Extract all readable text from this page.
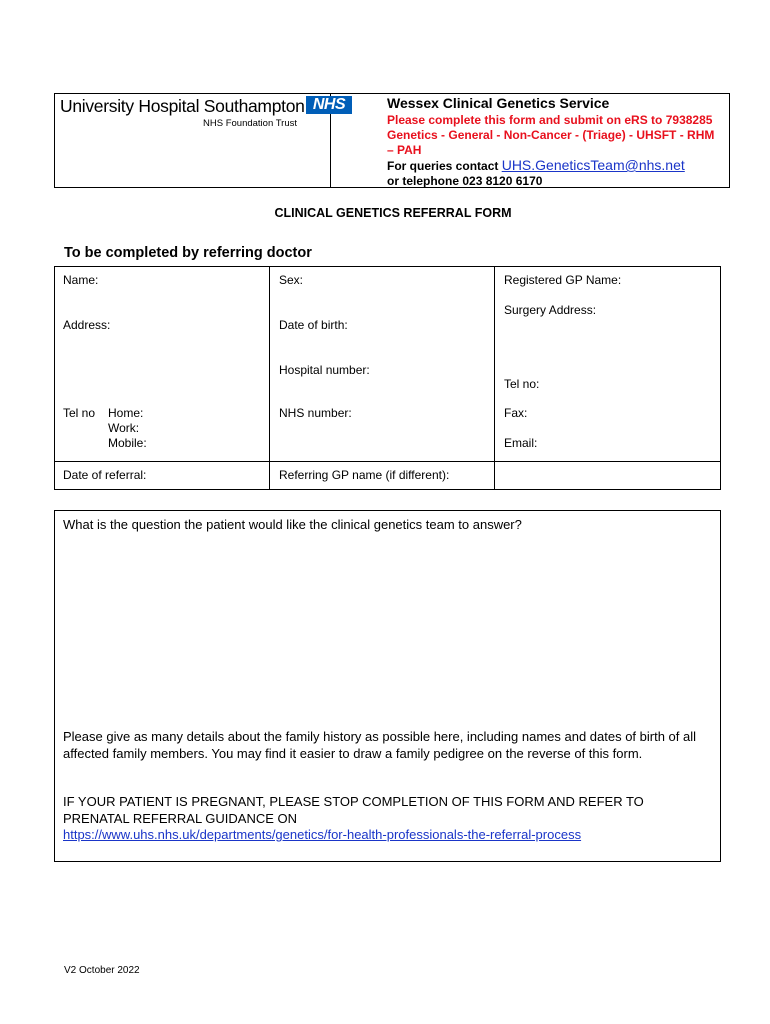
University Hospital Southampton NHS
NHS Foundation Trust
Wessex Clinical Genetics Service
Please complete this form and submit on eRS to 7938285 Genetics - General - Non-Cancer - (Triage) - UHSFT - RHM – PAH
For queries contact UHS.GeneticsTeam@nhs.net
or telephone 023 8120 6170
CLINICAL GENETICS REFERRAL FORM
To be completed by referring doctor
Name:
Address:
Tel no Home:
Work:
Mobile:
Date of referral:
Sex:
Date of birth:
Hospital number:
NHS number:
Referring GP name (if different):
Registered GP Name:
Surgery Address:
Tel no:
Fax:
Email:
What is the question the patient would like the clinical genetics team to answer?
Please give as many details about the family history as possible here, including names and dates of birth of all affected family members. You may find it easier to draw a family pedigree on the reverse of this form.
IF YOUR PATIENT IS PREGNANT, PLEASE STOP COMPLETION OF THIS FORM AND REFER TO PRENATAL REFERRAL GUIDANCE ON
https://www.uhs.nhs.uk/departments/genetics/for-health-professionals-the-referral-process
V2 October 2022
